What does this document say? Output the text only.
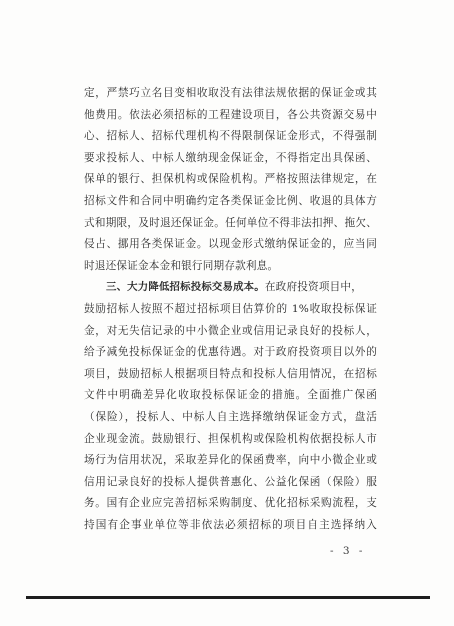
定，严禁巧立名目变相收取没有法律法规依据的保证金或其
他费用。依法必须招标的工程建设项目，各公共资源交易中
心、招标人、招标代理机构不得限制保证金形式，不得强制
要求投标人、中标人缴纳现金保证金，不得指定出具保函、
保单的银行、担保机构或保险机构。严格按照法律规定，在
招标文件和合同中明确约定各类保证金比例、收退的具体方
式和期限，及时退还保证金。任何单位不得非法扣押、拖欠、
侵占、挪用各类保证金。以现金形式缴纳保证金的，应当同
时退还保证金本金和银行同期存款利息。
三、大力降低招标投标交易成本。在政府投资项目中，
鼓励招标人按照不超过招标项目估算价的 1%收取投标保证
金，对无失信记录的中小微企业或信用记录良好的投标人，
给予减免投标保证金的优惠待遇。对于政府投资项目以外的
项目，鼓励招标人根据项目特点和投标人信用情况，在招标
文件中明确差异化收取投标保证金的措施。全面推广保函
（保险），投标人、中标人自主选择缴纳保证金方式，盘活
企业现金流。鼓励银行、担保机构或保险机构依据投标人市
场行为信用状况，采取差异化的保函费率，向中小微企业或
信用记录良好的投标人提供普惠化、公益化保函（保险）服
务。国有企业应完善招标采购制度、优化招标采购流程，支
持国有企事业单位等非依法必须招标的项目自主选择纳入
- 3 -
